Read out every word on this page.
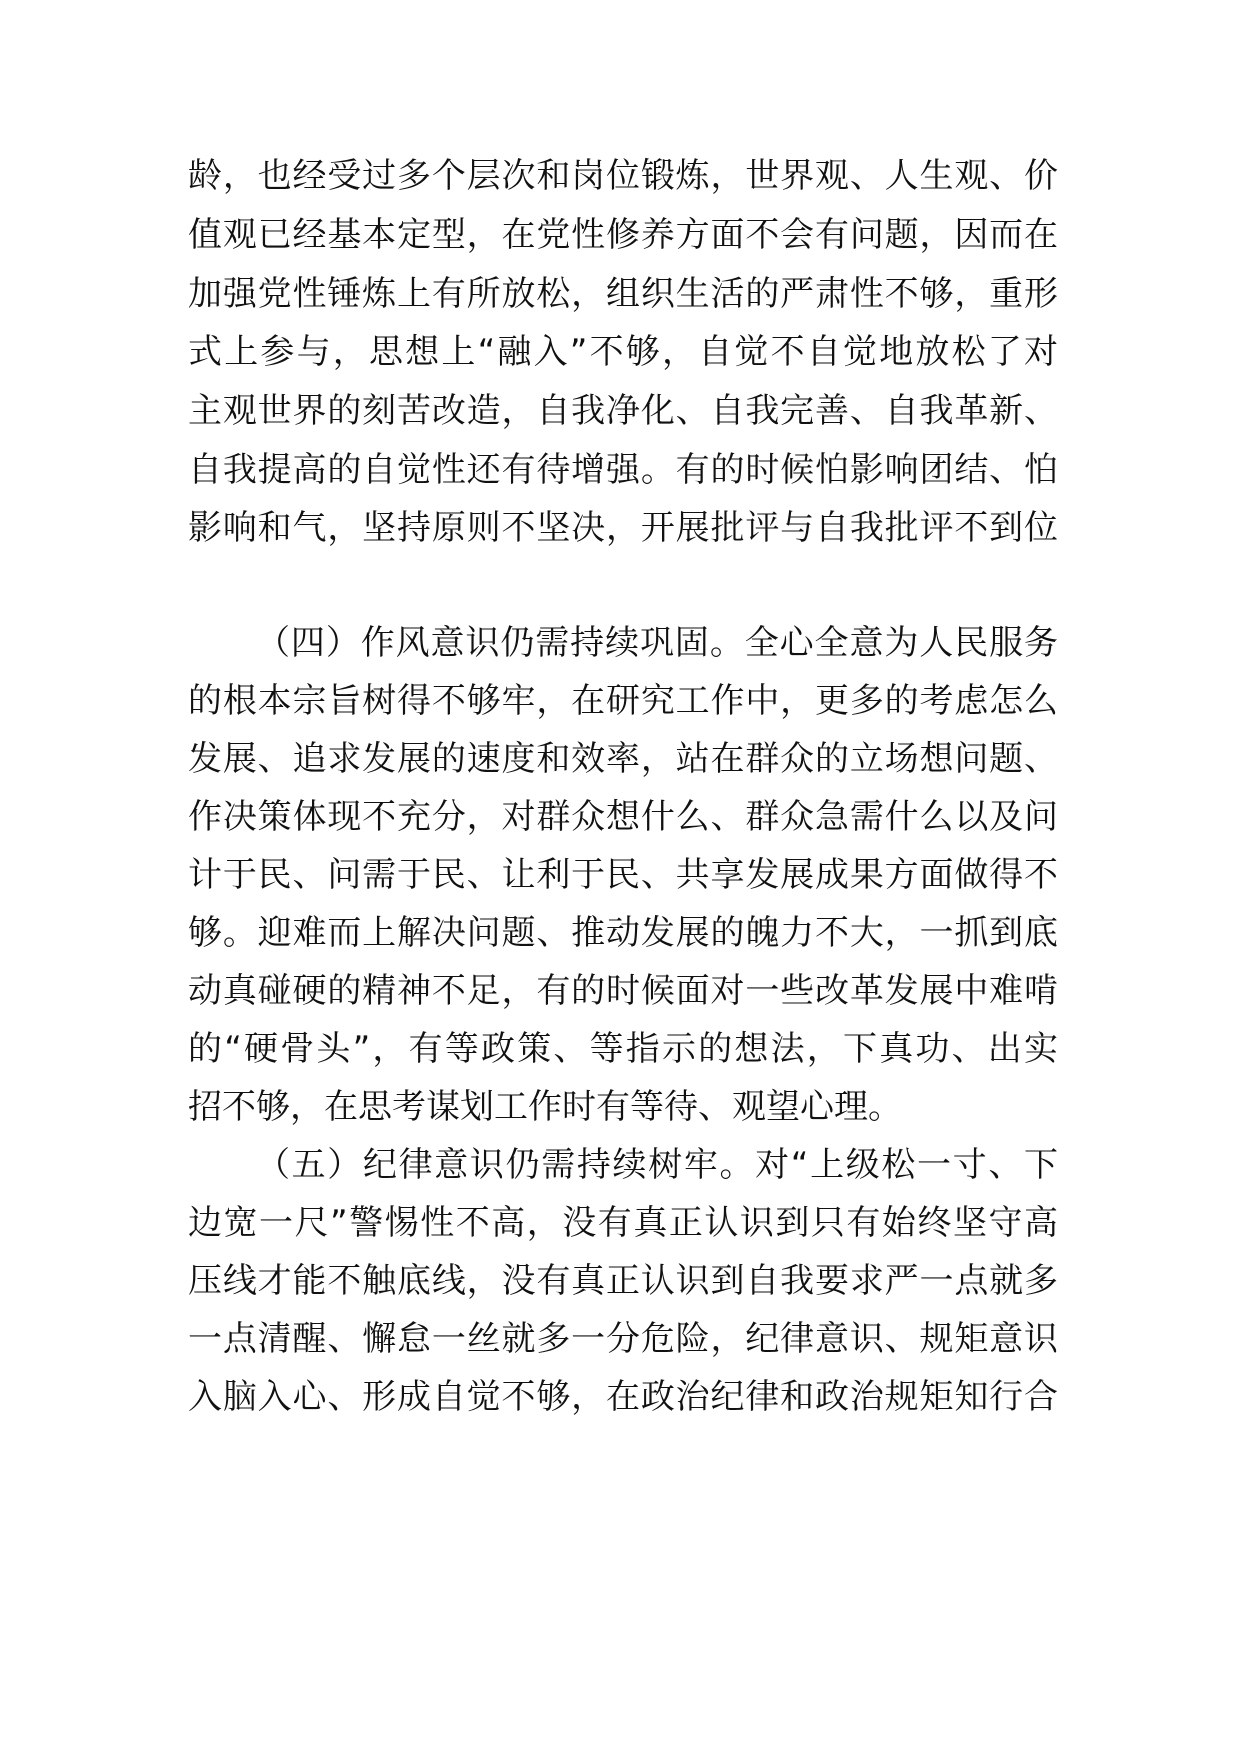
龄，也经受过多个层次和岗位锻炼，世界观、人生观、价

值观已经基本定型，在党性修养方面不会有问题，因而在

加强党性锤炼上有所放松，组织生活的严肃性不够，重形

式上参与，思想上“融入”不够，自觉不自觉地放松了对

主观世界的刻苦改造，自我净化、自我完善、自我革新、

自我提高的自觉性还有待增强。有的时候怕影响团结、怕

影响和气，坚持原则不坚决，开展批评与自我批评不到位

（四）作风意识仍需持续巩固。全心全意为人民服务

的根本宗旨树得不够牢，在研究工作中，更多的考虑怎么

发展、追求发展的速度和效率，站在群众的立场想问题、

作决策体现不充分，对群众想什么、群众急需什么以及问

计于民、问需于民、让利于民、共享发展成果方面做得不

够。迎难而上解决问题、推动发展的魄力不大，一抓到底

动真碰硬的精神不足，有的时候面对一些改革发展中难啃

的“硬骨头”，有等政策、等指示的想法，下真功、出实

招不够，在思考谋划工作时有等待、观望心理。

（五）纪律意识仍需持续树牢。对“上级松一寸、下

边宽一尺”警惕性不高，没有真正认识到只有始终坚守高

压线才能不触底线，没有真正认识到自我要求严一点就多

一点清醒、懈怠一丝就多一分危险，纪律意识、规矩意识

入脑入心、形成自觉不够，在政治纪律和政治规矩知行合
